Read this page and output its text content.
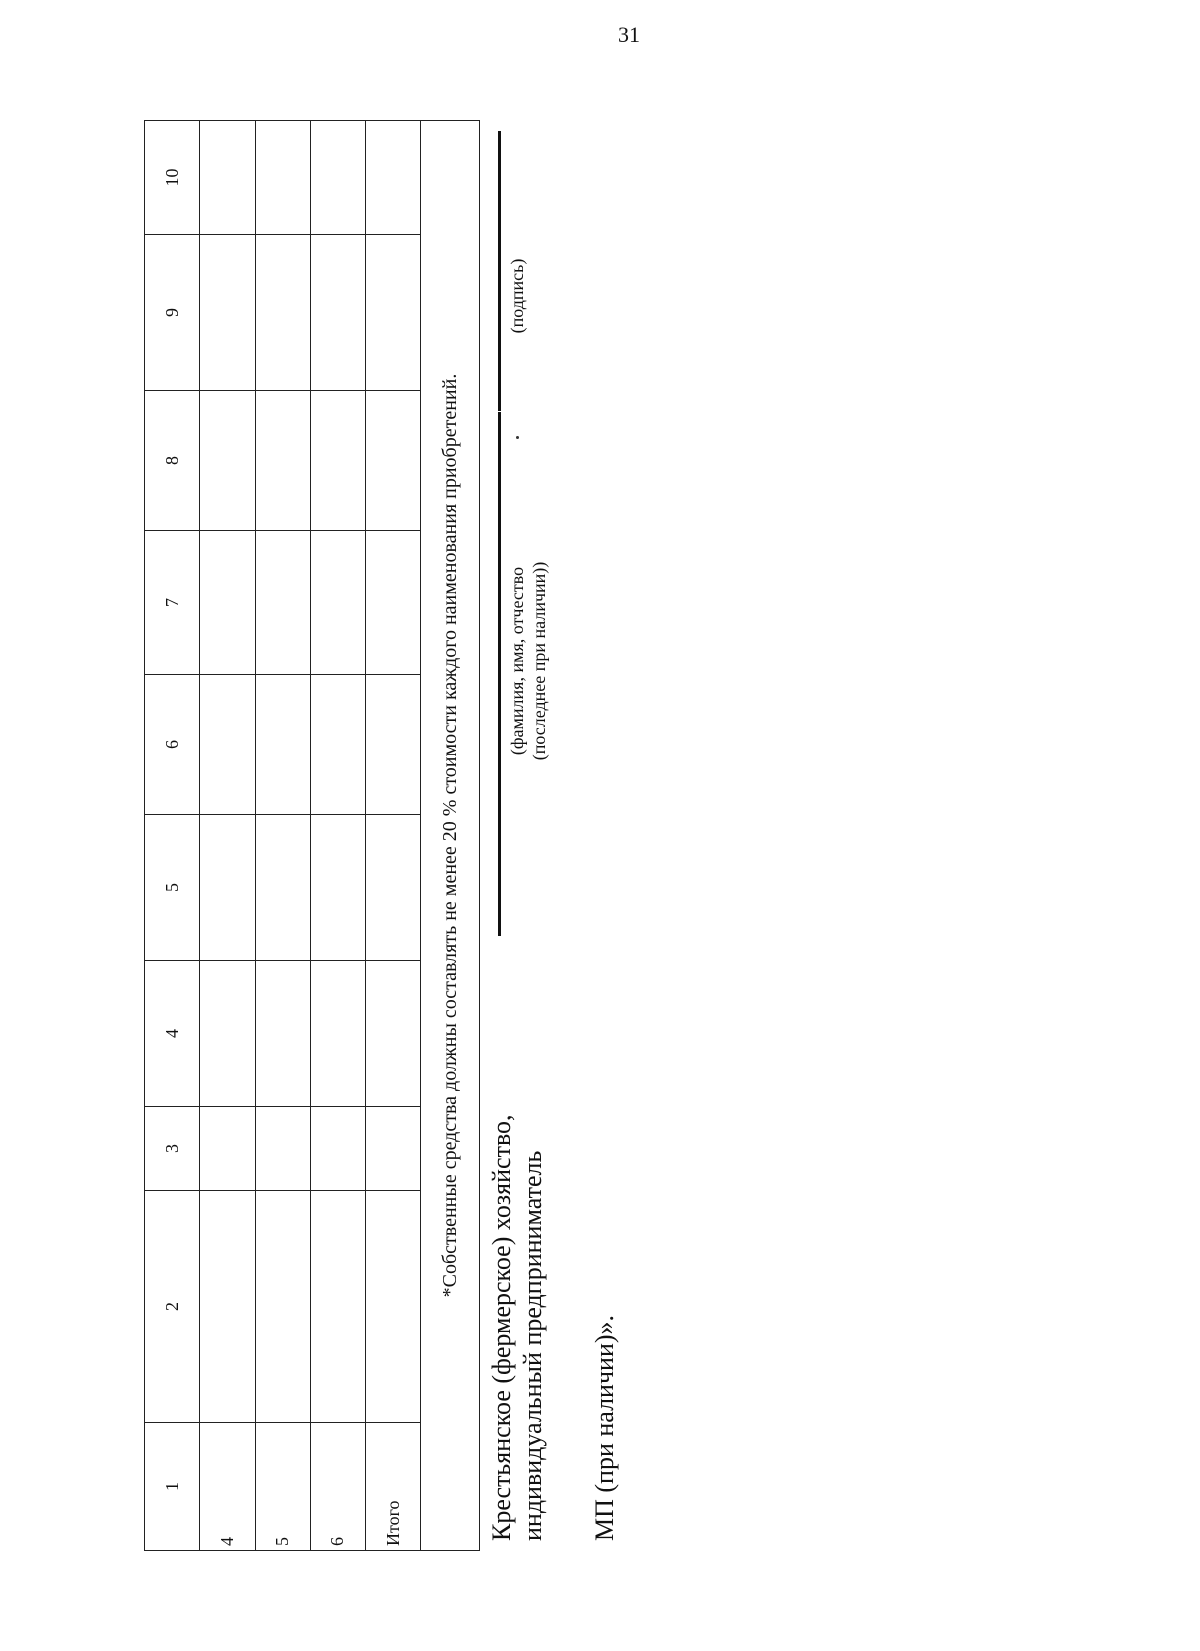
31
1	2	3	4	5	6	7	8	9	10
4									
5									
6									
Итого									
*Собственные средства должны составлять не менее 20 % стоимости каждого наименования приобретений.									
Крестьянское (фермерское) хозяйство, индивидуальный предприниматель
(фамилия, имя, отчество (последнее при наличии))
(подпись)
МП (при наличии)».
